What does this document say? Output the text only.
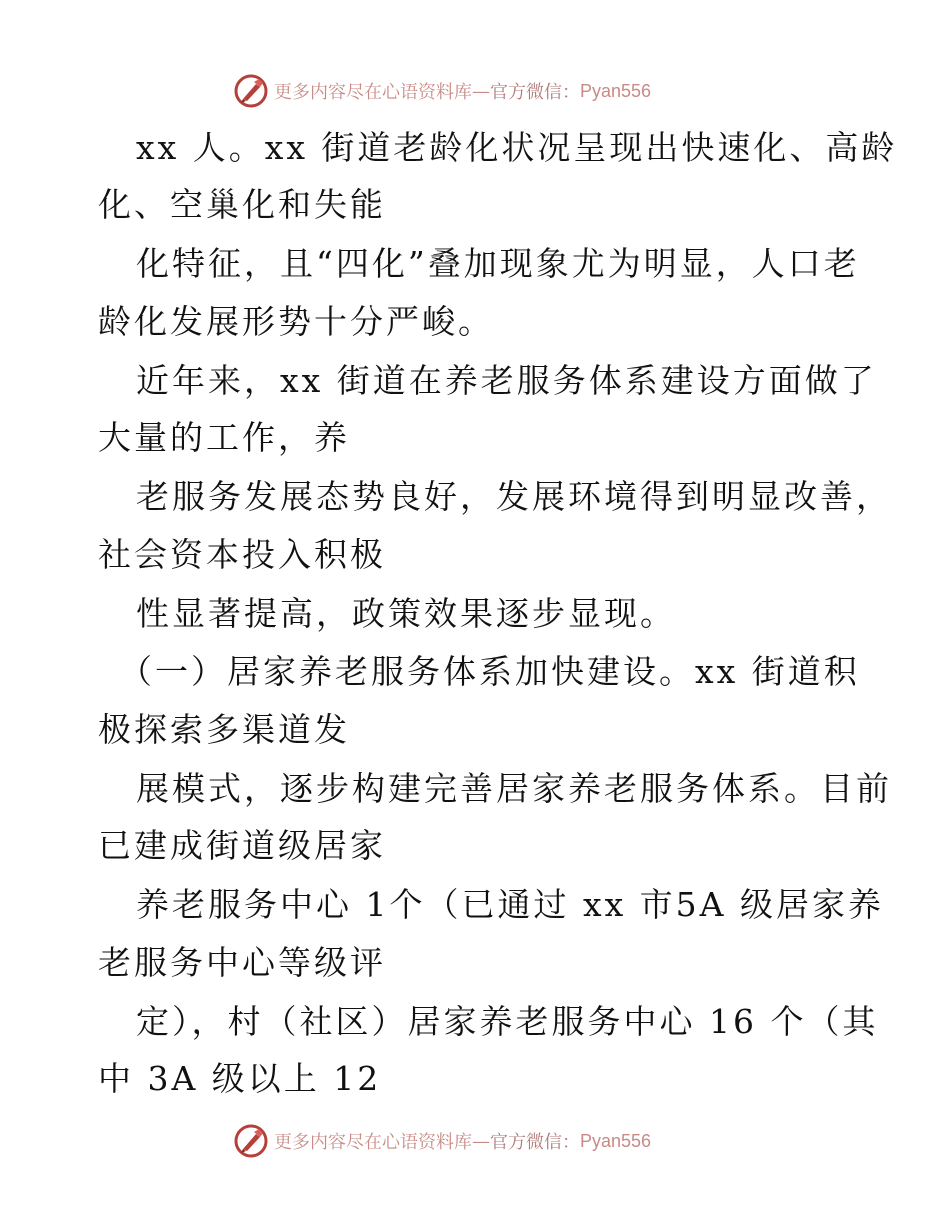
更多内容尽在心语资料库 — 官方微信： Pyan556
xx 人。xx 街道老龄化状况呈现出快速化、高龄
化、空巢化和失能
化特征，且“四化”叠加现象尤为明显，人口老
龄化发展形势十分严峻。
近年来，xx 街道在养老服务体系建设方面做了
大量的工作，养
老服务发展态势良好，发展环境得到明显改善，
社会资本投入积极
性显著提高，政策效果逐步显现。
（一）居家养老服务体系加快建设。xx 街道积
极探索多渠道发
展模式，逐步构建完善居家养老服务体系。目前
已建成街道级居家
养老服务中心 1个（已通过 xx 市5A 级居家养
老服务中心等级评
定），村（社区）居家养老服务中心 16 个（其
中 3A 级以上 12
更多内容尽在心语资料库 — 官方微信： Pyan556
